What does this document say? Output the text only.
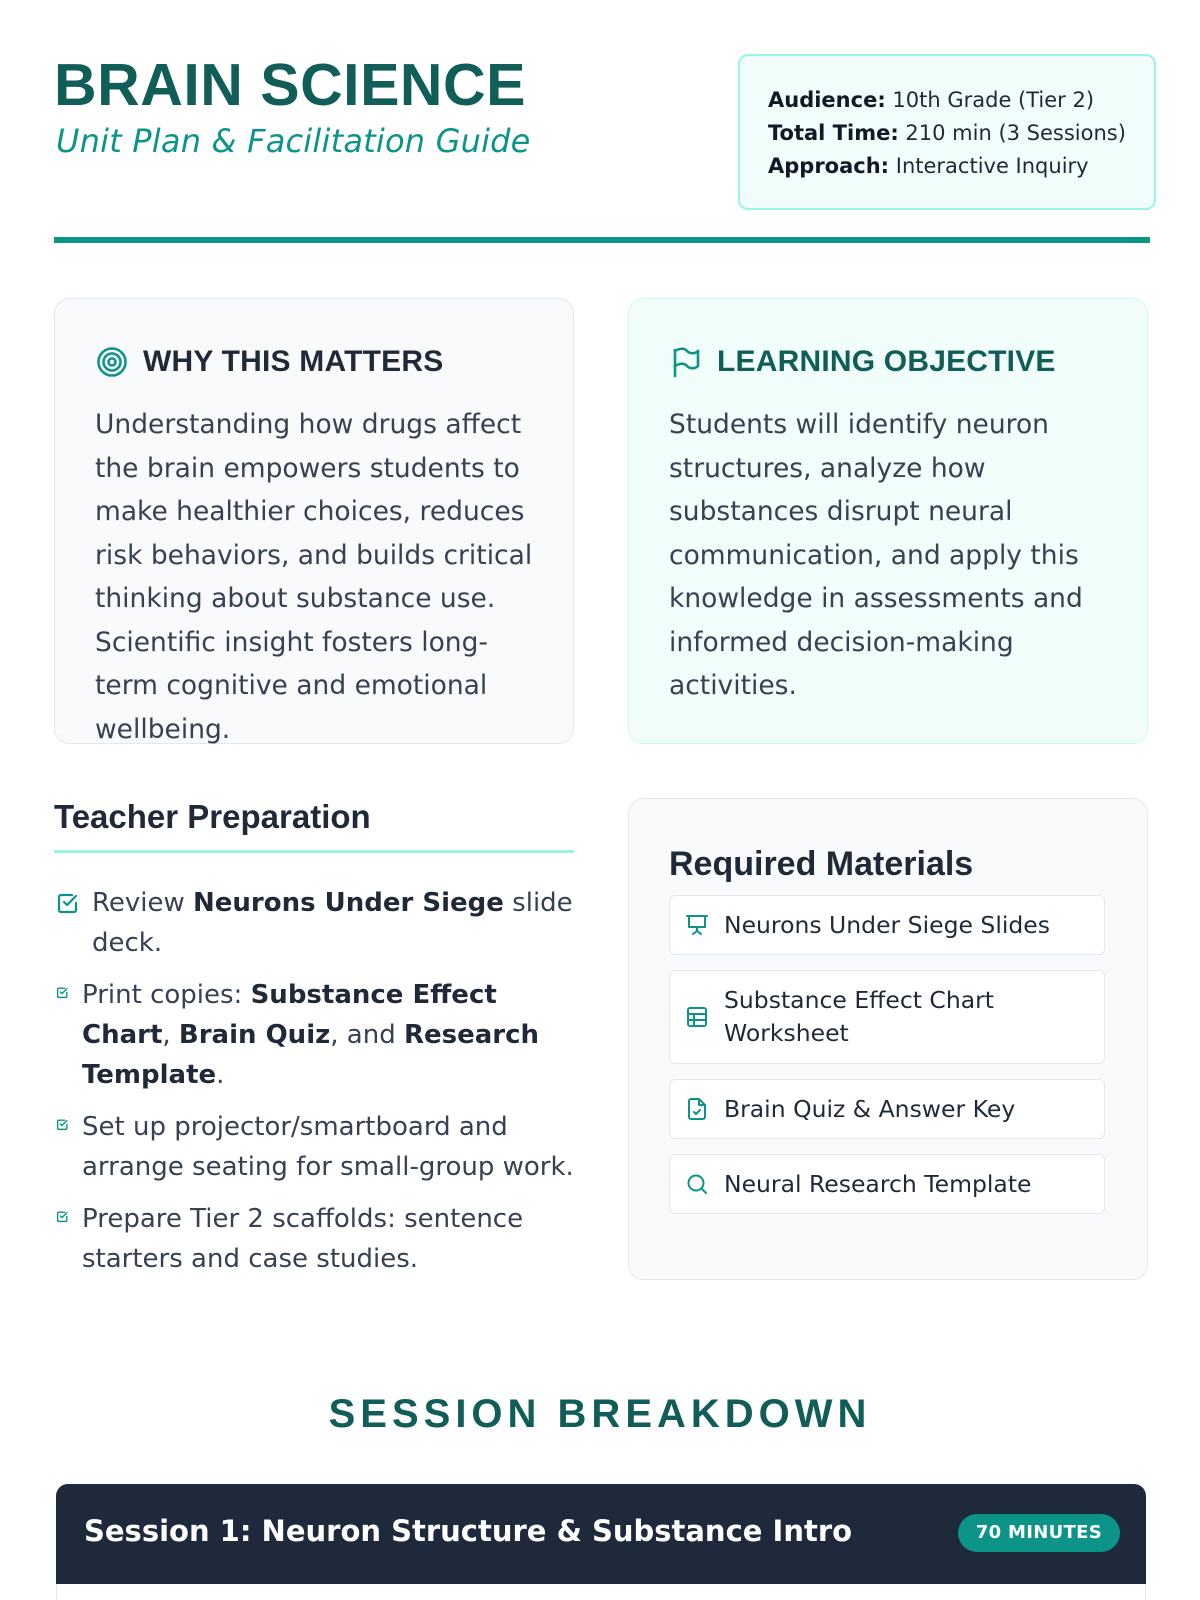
BRAIN SCIENCE
Unit Plan & Facilitation Guide
Audience: 10th Grade (Tier 2)
Total Time: 210 min (3 Sessions)
Approach: Interactive Inquiry
WHY THIS MATTERS
Understanding how drugs affect the brain empowers students to make healthier choices, reduces risk behaviors, and builds critical thinking about substance use. Scientific insight fosters long-term cognitive and emotional wellbeing.
LEARNING OBJECTIVE
Students will identify neuron structures, analyze how substances disrupt neural communication, and apply this knowledge in assessments and informed decision-making activities.
Teacher Preparation
Review Neurons Under Siege slide deck.
Print copies: Substance Effect Chart, Brain Quiz, and Research Template.
Set up projector/smartboard and arrange seating for small-group work.
Prepare Tier 2 scaffolds: sentence starters and case studies.
Required Materials
Neurons Under Siege Slides
Substance Effect Chart Worksheet
Brain Quiz & Answer Key
Neural Research Template
SESSION BREAKDOWN
Session 1: Neuron Structure & Substance Intro	70 MINUTES
